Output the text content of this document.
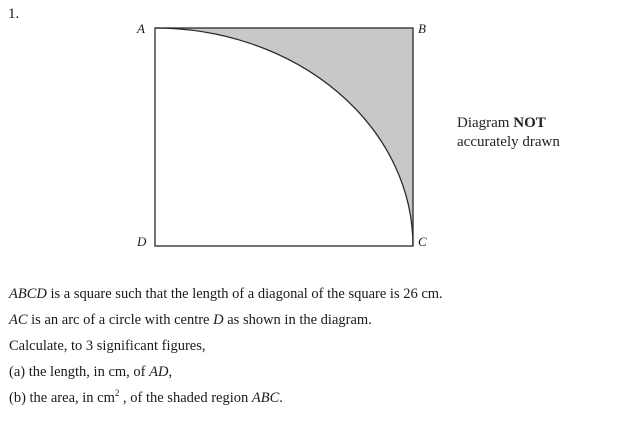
1.
A	B
C
D
Diagram NOT
accurately drawn

ABCD is a square such that the length of a diagonal of the square is 26 cm.

AC is an arc of a circle with centre D as shown in the diagram.

Calculate, to 3 significant figures,

(a) the length, in cm, of AD,

(b) the area, in $cm^2$ , of the shaded region ABC.
